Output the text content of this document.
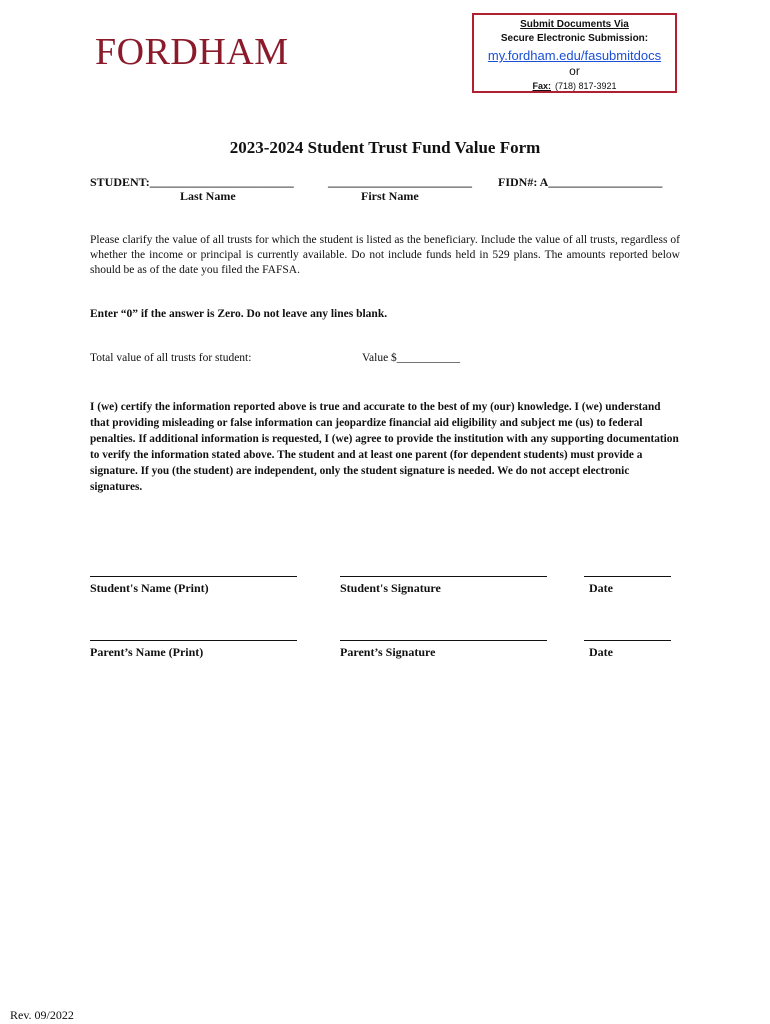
FORDHAM
Submit Documents Via
Secure Electronic Submission:
my.fordham.edu/fasubmitdocs
or
Fax: (718) 817-3921
2023-2024 Student Trust Fund Value Form
STUDENT:________________________	________________________ FIDN#: A___________________
Last Name	First Name
Please clarify the value of all trusts for which the student is listed as the beneficiary. Include the value of all trusts, regardless of whether the income or principal is currently available. Do not include funds held in 529 plans. The amounts reported below should be as of the date you filed the FAFSA.
Enter “0” if the answer is Zero. Do not leave any lines blank.
Total value of all trusts for student:	Value $___________
I (we) certify the information reported above is true and accurate to the best of my (our) knowledge. I (we) understand that providing misleading or false information can jeopardize financial aid eligibility and subject me (us) to federal penalties. If additional information is requested, I (we) agree to provide the institution with any supporting documentation to verify the information stated above. The student and at least one parent (for dependent students) must provide a signature. If you (the student) are independent, only the student signature is needed. We do not accept electronic signatures.
Student's Name (Print)	Student's Signature	Date
Parent’s Name (Print)	Parent’s Signature	Date
Rev. 09/2022
